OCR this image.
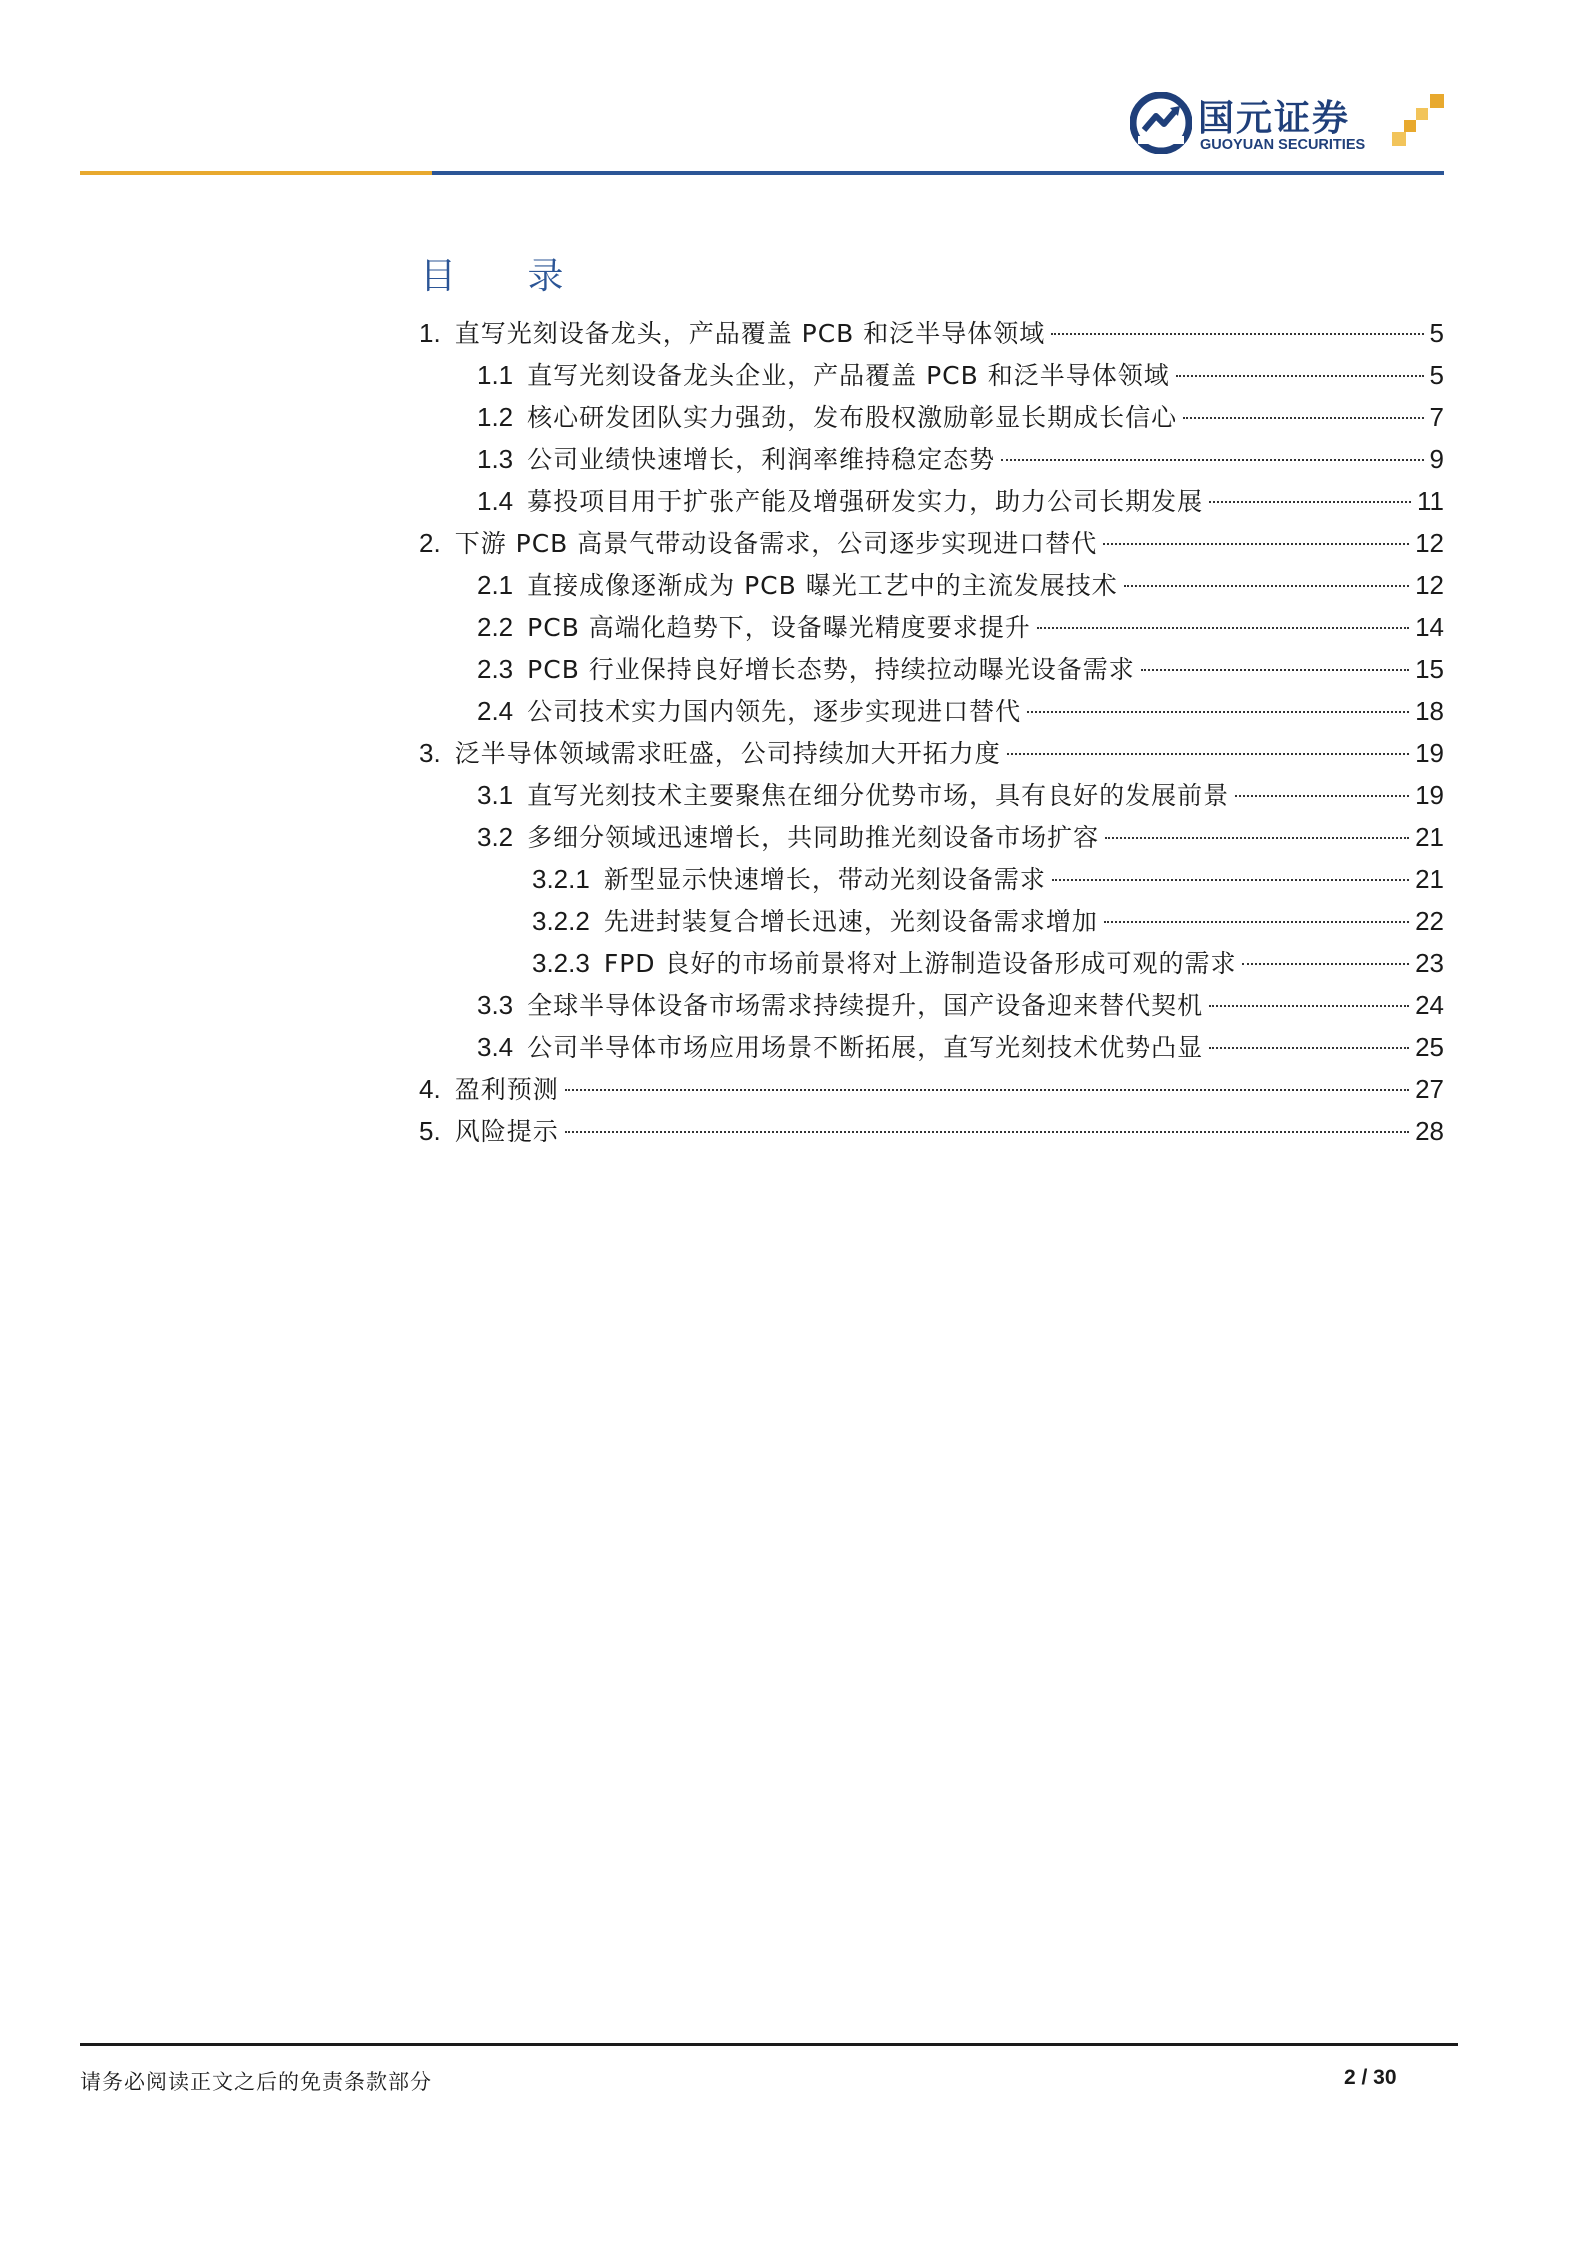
国元证券
GUOYUAN SECURITIES
目 录
1. 直写光刻设备龙头，产品覆盖 PCB 和泛半导体领域	5
1.1 直写光刻设备龙头企业，产品覆盖 PCB 和泛半导体领域	5
1.2 核心研发团队实力强劲，发布股权激励彰显长期成长信心	7
1.3 公司业绩快速增长，利润率维持稳定态势	9
1.4 募投项目用于扩张产能及增强研发实力，助力公司长期发展	11
2. 下游 PCB 高景气带动设备需求，公司逐步实现进口替代	12
2.1 直接成像逐渐成为 PCB 曝光工艺中的主流发展技术	12
2.2 PCB 高端化趋势下，设备曝光精度要求提升	14
2.3 PCB 行业保持良好增长态势，持续拉动曝光设备需求	15
2.4 公司技术实力国内领先，逐步实现进口替代	18
3. 泛半导体领域需求旺盛，公司持续加大开拓力度	19
3.1 直写光刻技术主要聚焦在细分优势市场，具有良好的发展前景	19
3.2 多细分领域迅速增长，共同助推光刻设备市场扩容	21
3.2.1 新型显示快速增长，带动光刻设备需求	21
3.2.2 先进封装复合增长迅速，光刻设备需求增加	22
3.2.3 FPD 良好的市场前景将对上游制造设备形成可观的需求	23
3.3 全球半导体设备市场需求持续提升，国产设备迎来替代契机	24
3.4 公司半导体市场应用场景不断拓展，直写光刻技术优势凸显	25
4. 盈利预测	27
5. 风险提示	28
请务必阅读正文之后的免责条款部分	2 / 30
